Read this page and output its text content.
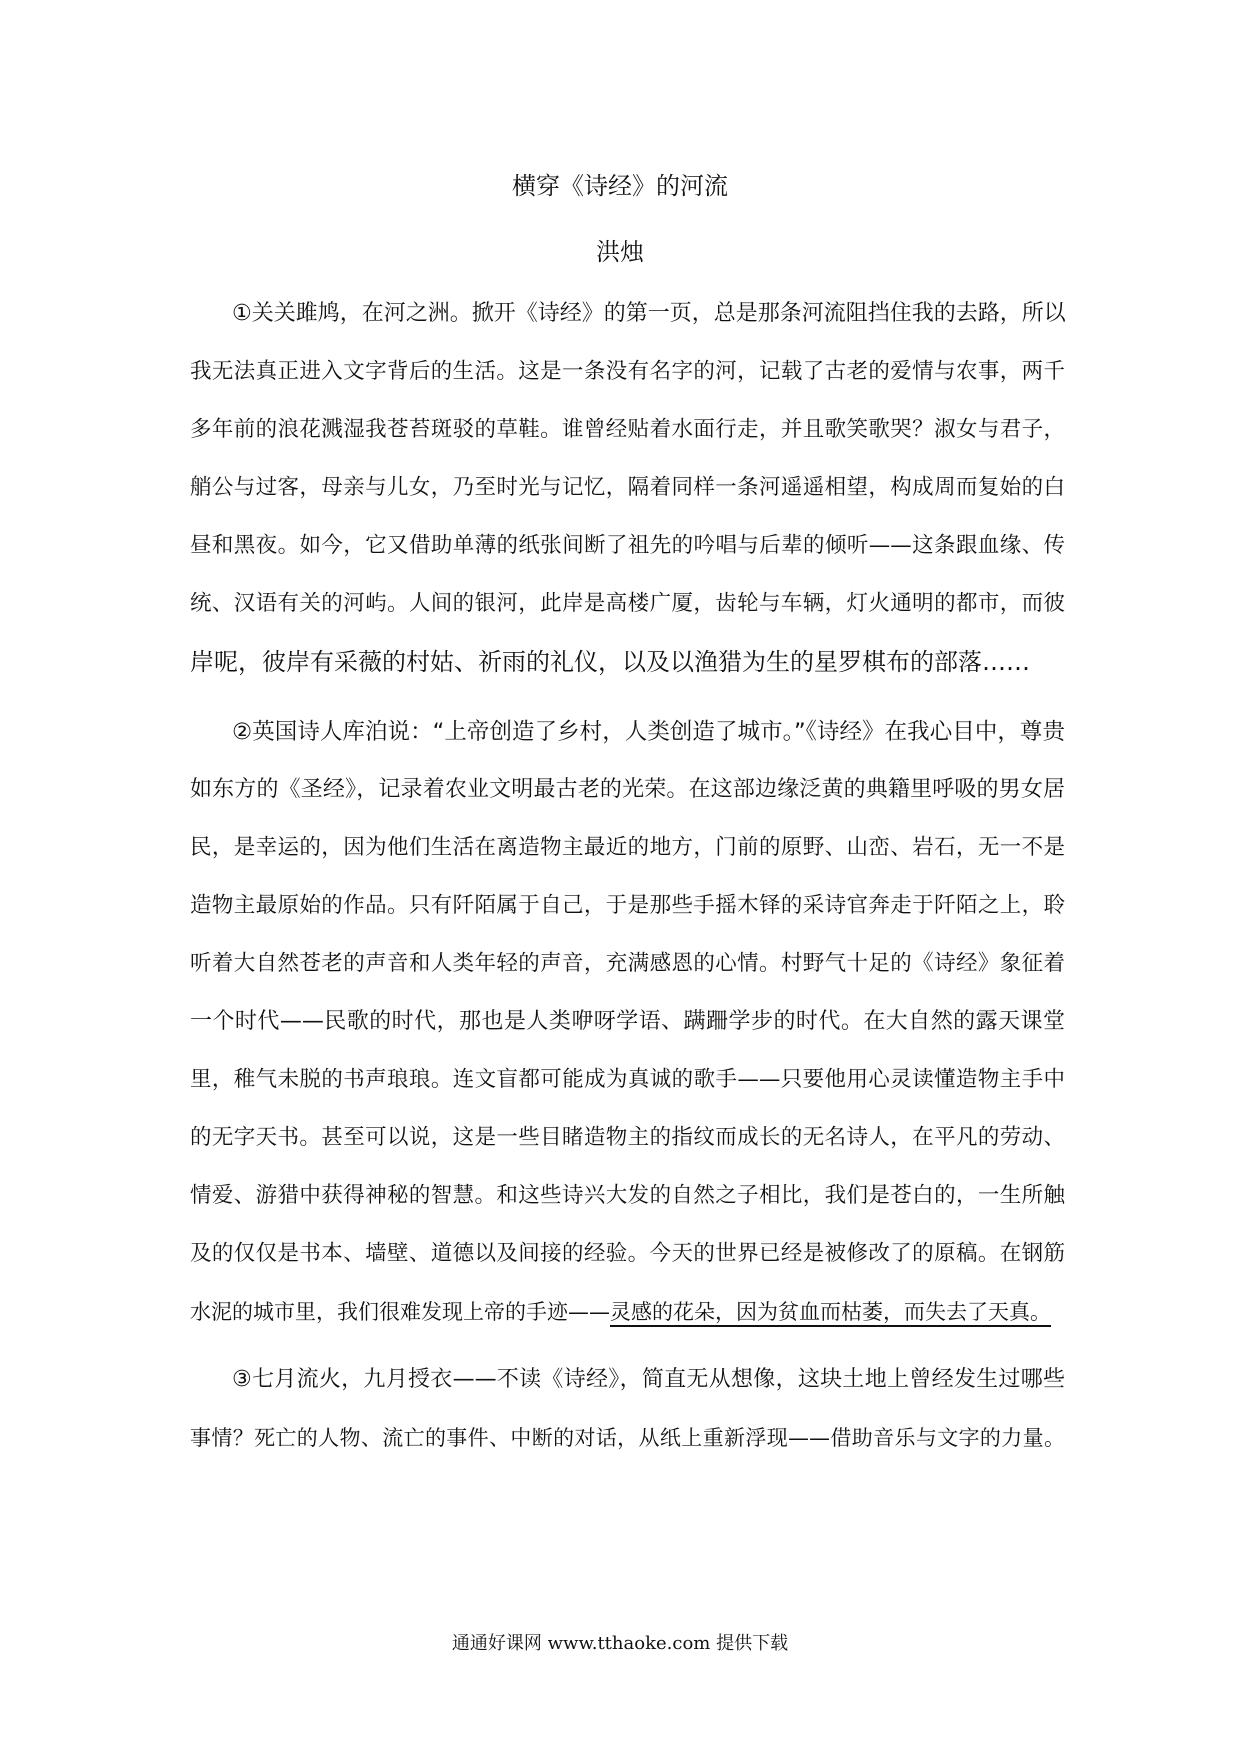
横穿《诗经》的河流
洪烛
①关关雎鸠，在河之洲。掀开《诗经》的第一页，总是那条河流阻挡住我的去路，所以
我无法真正进入文字背后的生活。这是一条没有名字的河，记载了古老的爱情与农事，两千
多年前的浪花溅湿我苍苔斑驳的草鞋。谁曾经贴着水面行走，并且歌笑歌哭？淑女与君子，
艄公与过客，母亲与儿女，乃至时光与记忆，隔着同样一条河遥遥相望，构成周而复始的白
昼和黑夜。如今，它又借助单薄的纸张间断了祖先的吟唱与后辈的倾听——这条跟血缘、传
统、汉语有关的河屿。人间的银河，此岸是高楼广厦，齿轮与车辆，灯火通明的都市，而彼
岸呢，彼岸有采薇的村姑、祈雨的礼仪，以及以渔猎为生的星罗棋布的部落……
②英国诗人库泊说：“上帝创造了乡村，人类创造了城市。”《诗经》在我心目中，尊贵
如东方的《圣经》，记录着农业文明最古老的光荣。在这部边缘泛黄的典籍里呼吸的男女居
民，是幸运的，因为他们生活在离造物主最近的地方，门前的原野、山峦、岩石，无一不是
造物主最原始的作品。只有阡陌属于自己，于是那些手摇木铎的采诗官奔走于阡陌之上，聆
听着大自然苍老的声音和人类年轻的声音，充满感恩的心情。村野气十足的《诗经》象征着
一个时代——民歌的时代，那也是人类咿呀学语、蹒跚学步的时代。在大自然的露天课堂
里，稚气未脱的书声琅琅。连文盲都可能成为真诚的歌手——只要他用心灵读懂造物主手中
的无字天书。甚至可以说，这是一些目睹造物主的指纹而成长的无名诗人，在平凡的劳动、
情爱、游猎中获得神秘的智慧。和这些诗兴大发的自然之子相比，我们是苍白的，一生所触
及的仅仅是书本、墙壁、道德以及间接的经验。今天的世界已经是被修改了的原稿。在钢筋
水泥的城市里，我们很难发现上帝的手迹——灵感的花朵，因为贫血而枯萎，而失去了天真。
③七月流火，九月授衣——不读《诗经》，简直无从想像，这块土地上曾经发生过哪些
事情？死亡的人物、流亡的事件、中断的对话，从纸上重新浮现——借助音乐与文字的力量。
通通好课网 www.tthaoke.com 提供下载
